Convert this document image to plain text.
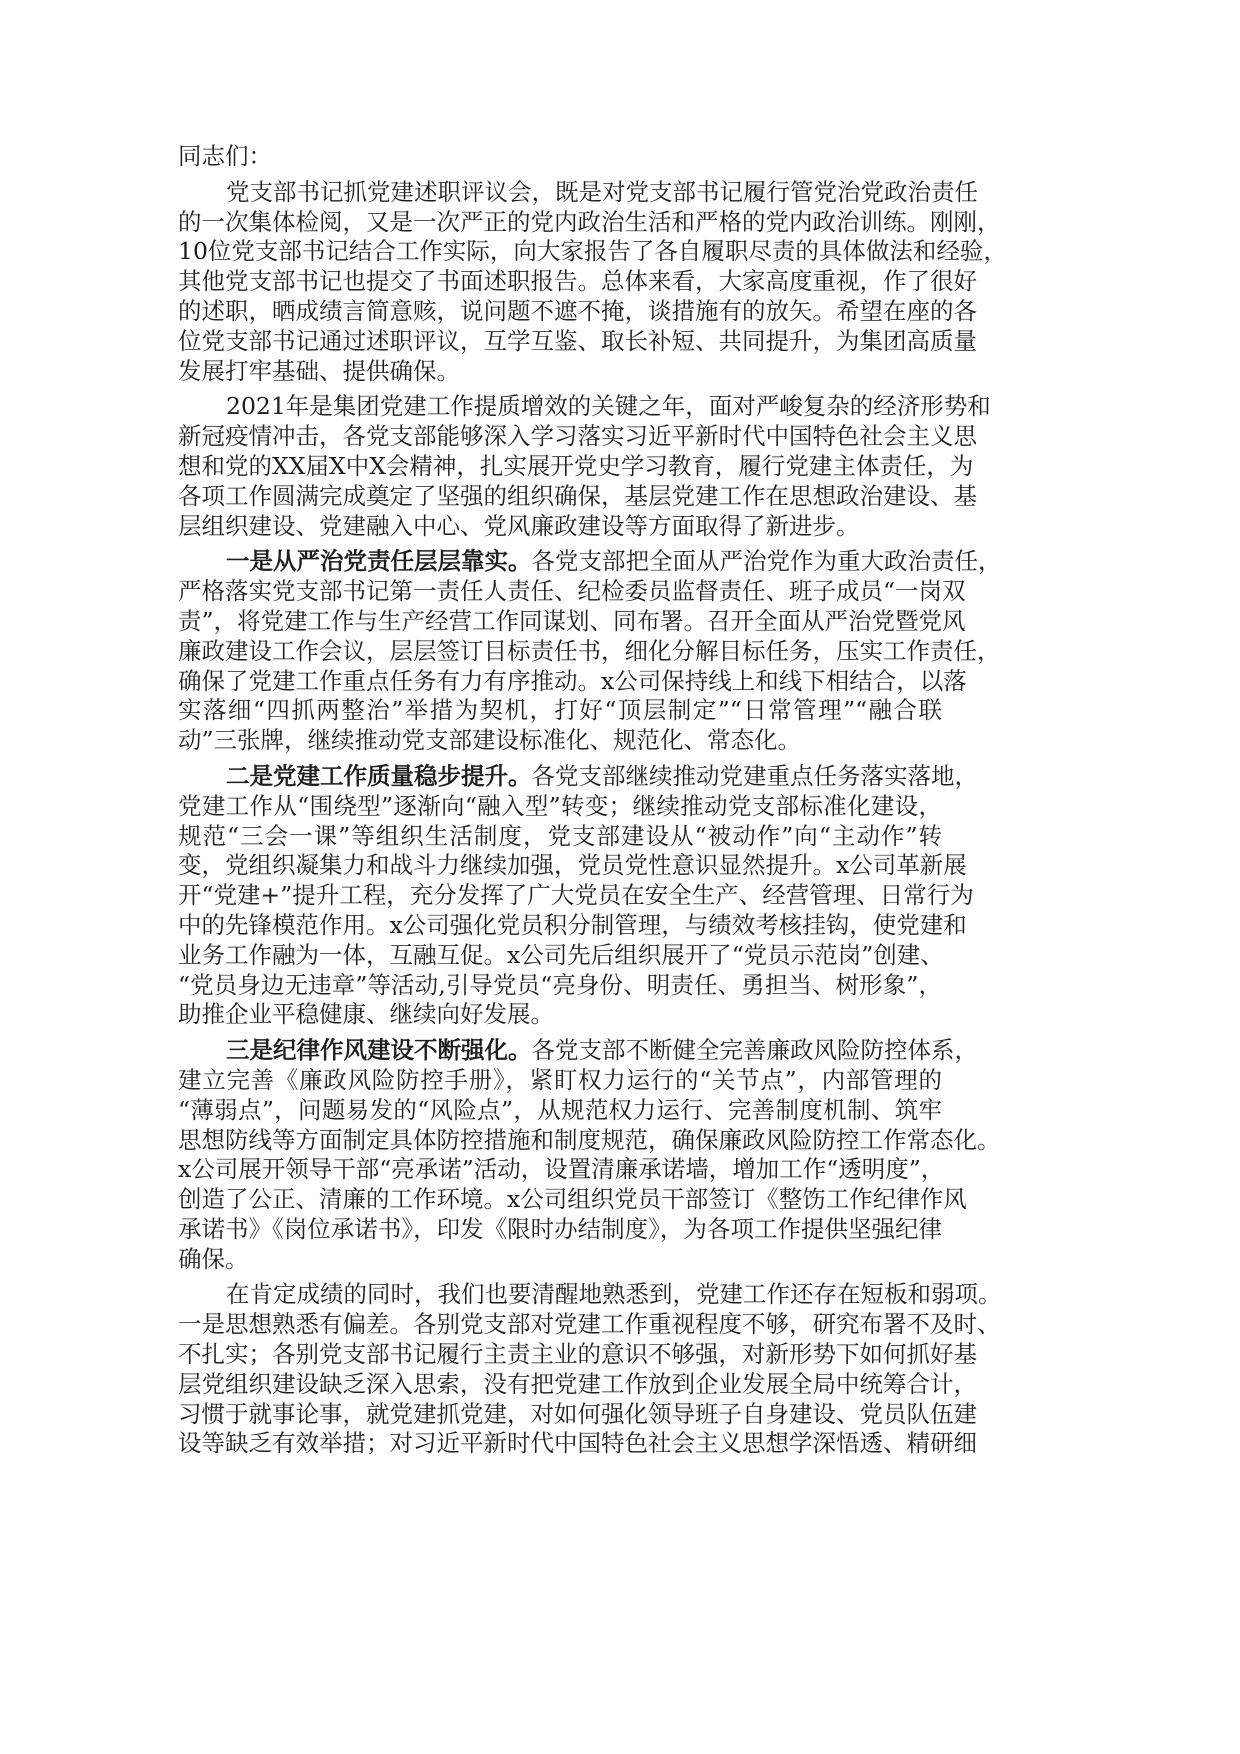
同志们：
党支部书记抓党建述职评议会，既是对党支部书记履行管党治党政治责任
的一次集体检阅，又是一次严正的党内政治生活和严格的党内政治训练。刚刚，
10位党支部书记结合工作实际，向大家报告了各自履职尽责的具体做法和经验，
其他党支部书记也提交了书面述职报告。总体来看，大家高度重视，作了很好
的述职，晒成绩言简意赅，说问题不遮不掩，谈措施有的放矢。希望在座的各
位党支部书记通过述职评议，互学互鉴、取长补短、共同提升，为集团高质量
发展打牢基础、提供确保。
2021年是集团党建工作提质增效的关键之年，面对严峻复杂的经济形势和
新冠疫情冲击，各党支部能够深入学习落实习近平新时代中国特色社会主义思
想和党的XX届X中X会精神，扎实展开党史学习教育，履行党建主体责任，为
各项工作圆满完成奠定了坚强的组织确保，基层党建工作在思想政治建设、基
层组织建设、党建融入中心、党风廉政建设等方面取得了新进步。
一是从严治党责任层层靠实。各党支部把全面从严治党作为重大政治责任，
严格落实党支部书记第一责任人责任、纪检委员监督责任、班子成员“一岗双
责”，将党建工作与生产经营工作同谋划、同布署。召开全面从严治党暨党风
廉政建设工作会议，层层签订目标责任书，细化分解目标任务，压实工作责任，
确保了党建工作重点任务有力有序推动。x公司保持线上和线下相结合，以落
实落细“四抓两整治”举措为契机，打好“顶层制定”“日常管理”“融合联
动”三张牌，继续推动党支部建设标准化、规范化、常态化。
二是党建工作质量稳步提升。各党支部继续推动党建重点任务落实落地，
党建工作从“围绕型”逐渐向“融入型”转变；继续推动党支部标准化建设，
规范“三会一课”等组织生活制度，党支部建设从“被动作”向“主动作”转
变，党组织凝集力和战斗力继续加强，党员党性意识显然提升。x公司革新展
开“党建+”提升工程，充分发挥了广大党员在安全生产、经营管理、日常行为
中的先锋模范作用。x公司强化党员积分制管理，与绩效考核挂钩，使党建和
业务工作融为一体，互融互促。x公司先后组织展开了“党员示范岗”创建、
“党员身边无违章”等活动,引导党员“亮身份、明责任、勇担当、树形象”，
助推企业平稳健康、继续向好发展。
三是纪律作风建设不断强化。各党支部不断健全完善廉政风险防控体系，
建立完善《廉政风险防控手册》，紧盯权力运行的“关节点”，内部管理的
“薄弱点”，问题易发的“风险点”，从规范权力运行、完善制度机制、筑牢
思想防线等方面制定具体防控措施和制度规范，确保廉政风险防控工作常态化。
x公司展开领导干部“亮承诺”活动，设置清廉承诺墙，增加工作“透明度”，
创造了公正、清廉的工作环境。x公司组织党员干部签订《整饬工作纪律作风
承诺书》《岗位承诺书》，印发《限时办结制度》，为各项工作提供坚强纪律
确保。
在肯定成绩的同时，我们也要清醒地熟悉到，党建工作还存在短板和弱项。
一是思想熟悉有偏差。各别党支部对党建工作重视程度不够，研究布署不及时、
不扎实；各别党支部书记履行主责主业的意识不够强，对新形势下如何抓好基
层党组织建设缺乏深入思索，没有把党建工作放到企业发展全局中统筹合计，
习惯于就事论事，就党建抓党建，对如何强化领导班子自身建设、党员队伍建
设等缺乏有效举措；对习近平新时代中国特色社会主义思想学深悟透、精研细
